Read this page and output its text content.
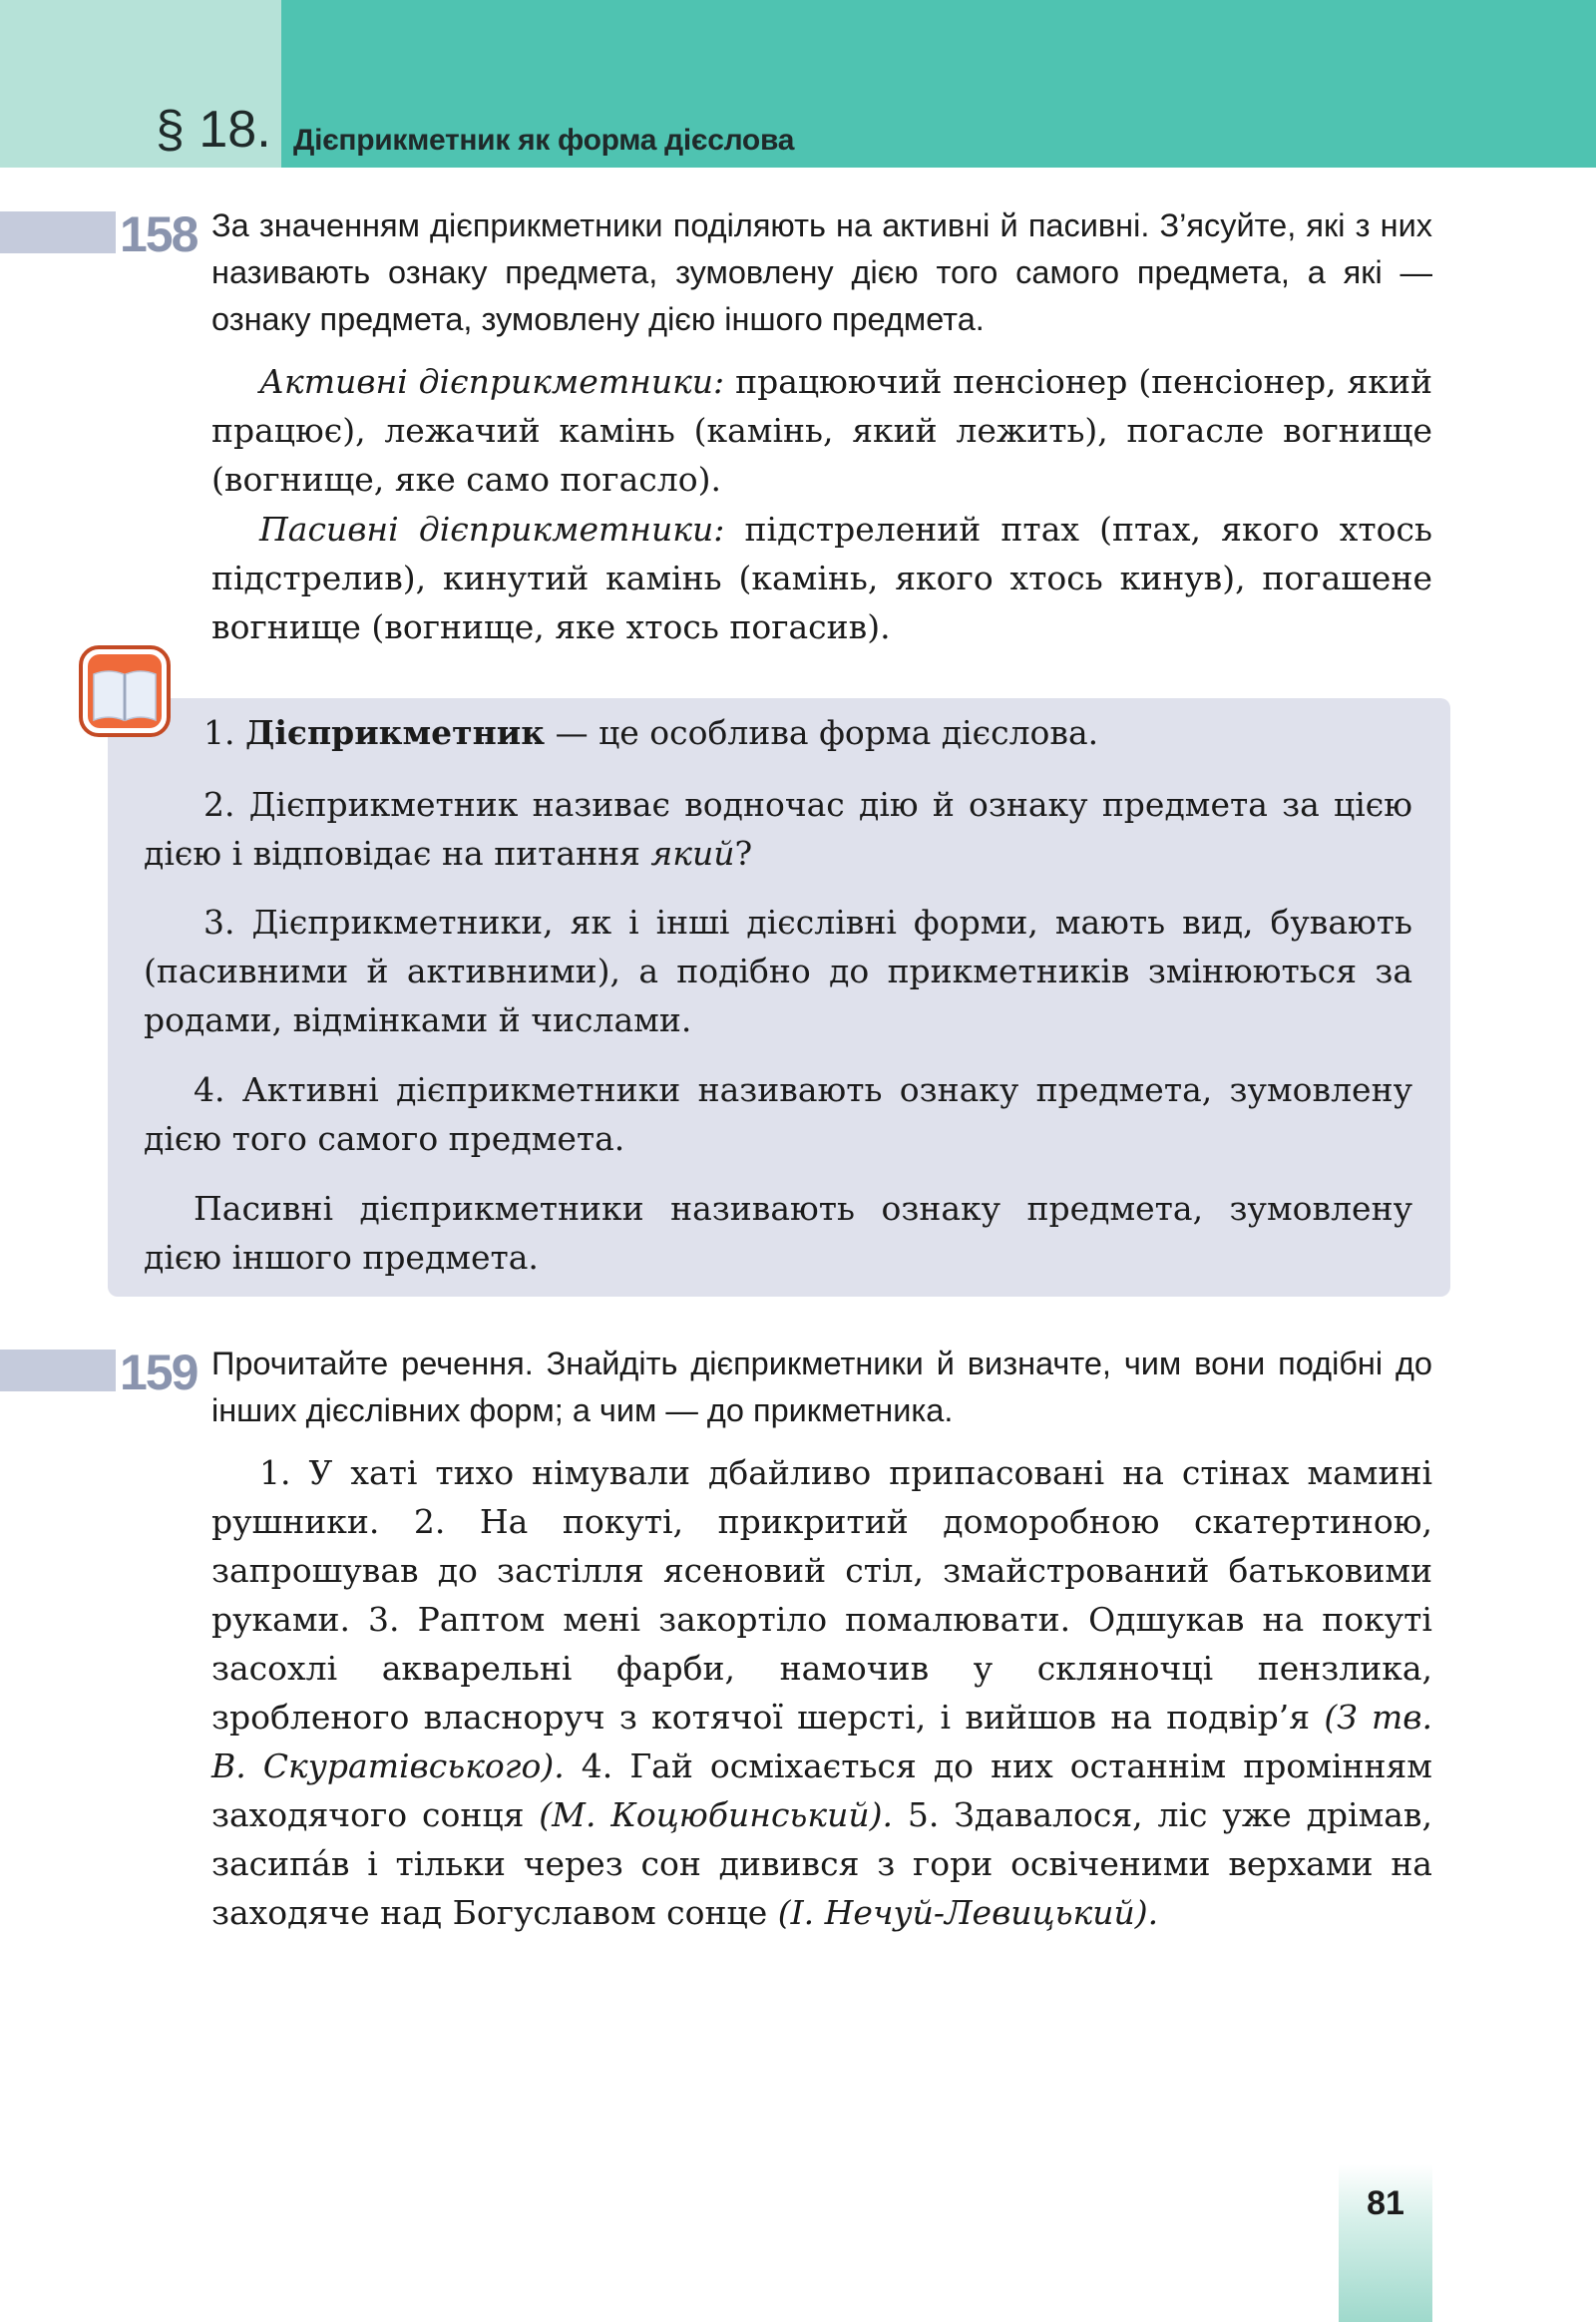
§ 18. Дієприкметник як форма дієслова
158 За значенням дієприкметники поділяють на активні й пасивні. З’ясуйте, які з них називають ознаку предмета, зумовлену дією того самого предмета, а які — ознаку предмета, зумовлену дією іншого предмета.
Активні дієприкметники: працюючий пенсіонер (пенсіонер, який працює), лежачий камінь (камінь, який лежить), погасле вогнище (вогнище, яке само погасло).
Пасивні дієприкметники: підстрелений птах (птах, якого хтось підстрелив), кинутий камінь (камінь, якого хтось кинув), погашене вогнище (вогнище, яке хтось погасив).
1. Дієприкметник — це особлива форма дієслова.
2. Дієприкметник називає водночас дію й ознаку предмета за цією дією і відповідає на питання який?
3. Дієприкметники, як і інші дієслівні форми, мають вид, бувають (пасивними й активними), а подібно до прикметників змінюються за родами, відмінками й числами.
4. Активні дієприкметники називають ознаку предмета, зумовлену дією того самого предмета.
Пасивні дієприкметники називають ознаку предмета, зумовлену дією іншого предмета.
159 Прочитайте речення. Знайдіть дієприкметники й визначте, чим вони подібні до інших дієслівних форм; а чим — до прикметника.
1. У хаті тихо німували дбайливо припасовані на стінах мамині рушники. 2. На покуті, прикритий доморобною скатертиною, запрошував до застілля ясеновий стіл, змайстрований батьковими руками. 3. Раптом мені закортіло помалювати. Одшукав на покуті засохлі акварельні фарби, намочив у скляночці пензлика, зробленого власноруч з котячої шерсті, і вийшов на подвір’я (З тв. В. Скуратівського). 4. Гай осміхається до них останнім промінням заходячого сонця (М. Коцюбинський). 5. Здавалося, ліс уже дрімав, засипáв і тільки через сон дивився з гори освіченими верхами на заходяче над Богуславом сонце (І. Нечуй-Левицький).
81
